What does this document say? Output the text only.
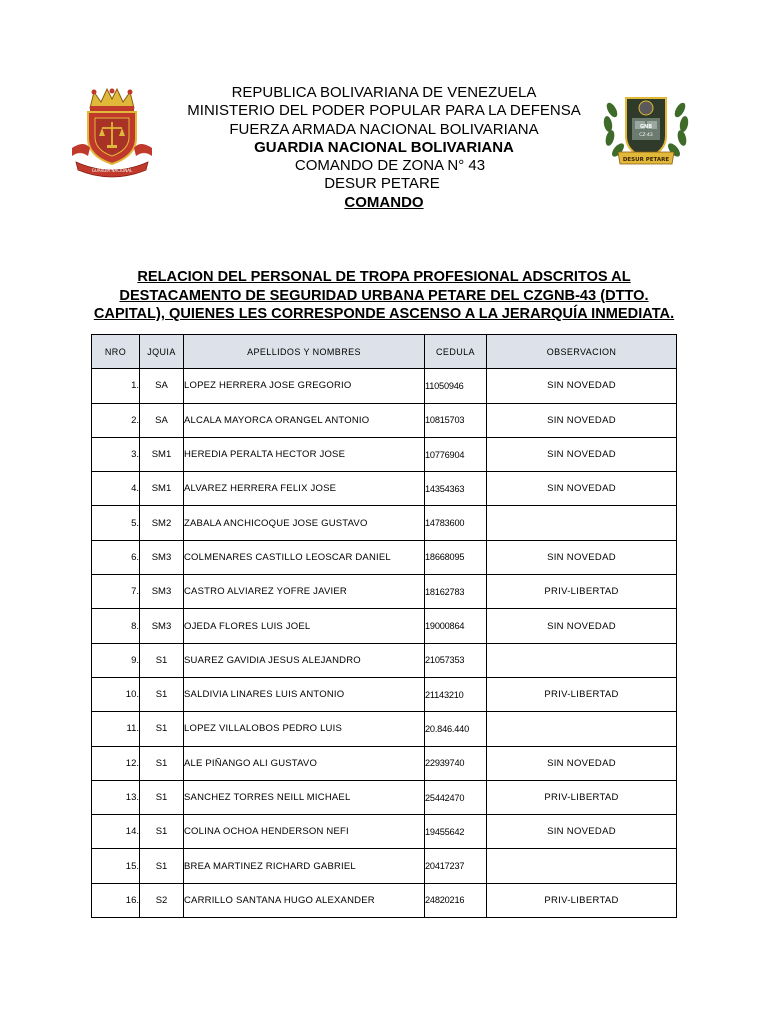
GUARDIA NACIONAL
GNB
CZ-43
DESUR PETARE
REPUBLICA BOLIVARIANA DE VENEZUELA
MINISTERIO DEL PODER POPULAR PARA LA DEFENSA
FUERZA ARMADA NACIONAL BOLIVARIANA
GUARDIA NACIONAL BOLIVARIANA
COMANDO DE ZONA N° 43
DESUR PETARE
COMANDO
RELACION DEL PERSONAL DE TROPA PROFESIONAL ADSCRITOS AL
DESTACAMENTO DE SEGURIDAD URBANA PETARE DEL CZGNB-43 (DTTO.
CAPITAL), QUIENES LES CORRESPONDE ASCENSO A LA JERARQUÍA INMEDIATA.
NRO	JQUIA	APELLIDOS Y NOMBRES	CEDULA	OBSERVACION
1.	SA	LOPEZ HERRERA JOSE GREGORIO	11050946	SIN NOVEDAD
2.	SA	ALCALA MAYORCA ORANGEL ANTONIO	10815703	SIN NOVEDAD
3.	SM1	HEREDIA PERALTA HECTOR JOSE	10776904	SIN NOVEDAD
4.	SM1	ALVAREZ HERRERA FELIX JOSE	14354363	SIN NOVEDAD
5.	SM2	ZABALA ANCHICOQUE JOSE GUSTAVO	14783600	
6.	SM3	COLMENARES CASTILLO LEOSCAR DANIEL	18668095	SIN NOVEDAD
7.	SM3	CASTRO ALVIAREZ YOFRE JAVIER	18162783	PRIV-LIBERTAD
8.	SM3	OJEDA FLORES LUIS JOEL	19000864	SIN NOVEDAD
9.	S1	SUAREZ GAVIDIA JESUS ALEJANDRO	21057353	
10.	S1	SALDIVIA LINARES LUIS ANTONIO	21143210	PRIV-LIBERTAD
11.	S1	LOPEZ VILLALOBOS PEDRO LUIS	20.846.440	
12.	S1	ALE PIÑANGO ALI GUSTAVO	22939740	SIN NOVEDAD
13.	S1	SANCHEZ TORRES NEILL MICHAEL	25442470	PRIV-LIBERTAD
14.	S1	COLINA OCHOA HENDERSON NEFI	19455642	SIN NOVEDAD
15.	S1	BREA MARTINEZ RICHARD GABRIEL	20417237	
16.	S2	CARRILLO SANTANA HUGO ALEXANDER	24820216	PRIV-LIBERTAD
